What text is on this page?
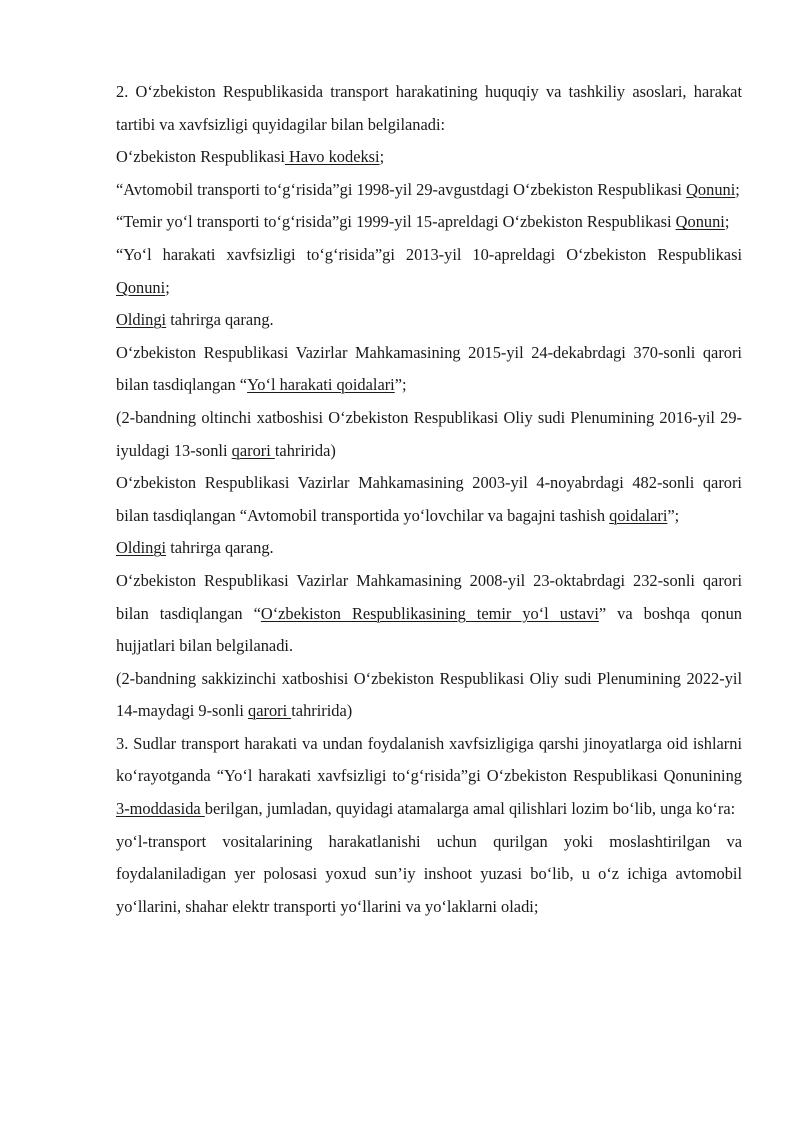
2. O‘zbekiston Respublikasida transport harakatining huquqiy va tashkiliy asoslari, harakat tartibi va xavfsizligi quyidagilar bilan belgilanadi:

O‘zbekiston Respublikasi Havo kodeksi;

“Avtomobil transporti to‘g‘risida”gi 1998-yil 29-avgustdagi O‘zbekiston Respublikasi Qonuni;

“Temir yo‘l transporti to‘g‘risida”gi 1999-yil 15-apreldagi O‘zbekiston Respublikasi Qonuni;

“Yo‘l harakati xavfsizligi to‘g‘risida”gi 2013-yil 10-apreldagi O‘zbekiston Respublikasi Qonuni;

Oldingi tahrirga qarang.

O‘zbekiston Respublikasi Vazirlar Mahkamasining 2015-yil 24-dekabrdagi 370-sonli qarori bilan tasdiqlangan “Yo‘l harakati qoidalari”;

(2-bandning oltinchi xatboshisi O‘zbekiston Respublikasi Oliy sudi Plenumining 2016-yil 29-iyuldagi 13-sonli qarori tahririda)

O‘zbekiston Respublikasi Vazirlar Mahkamasining 2003-yil 4-noyabrdagi 482-sonli qarori bilan tasdiqlangan “Avtomobil transportida yo‘lovchilar va bagajni tashish qoidalari”;

Oldingi tahrirga qarang.

O‘zbekiston Respublikasi Vazirlar Mahkamasining 2008-yil 23-oktabrdagi 232-sonli qarori bilan tasdiqlangan “O‘zbekiston Respublikasining temir yo‘l ustavi” va boshqa qonun hujjatlari bilan belgilanadi.

(2-bandning sakkizinchi xatboshisi O‘zbekiston Respublikasi Oliy sudi Plenumining 2022-yil 14-maydagi 9-sonli qarori tahririda)

3. Sudlar transport harakati va undan foydalanish xavfsizligiga qarshi jinoyatlarga oid ishlarni ko‘rayotganda “Yo‘l harakati xavfsizligi to‘g‘risida”gi O‘zbekiston Respublikasi Qonunining 3-moddasida berilgan, jumladan, quyidagi atamalarga amal qilishlari lozim bo‘lib, unga ko‘ra:

yo‘l-transport vositalarining harakatlanishi uchun qurilgan yoki moslashtirilgan va foydalaniladigan yer polosasi yoxud sun’iy inshoot yuzasi bo‘lib, u o‘z ichiga avtomobil yo‘llarini, shahar elektr transporti yo‘llarini va yo‘laklarni oladi;
